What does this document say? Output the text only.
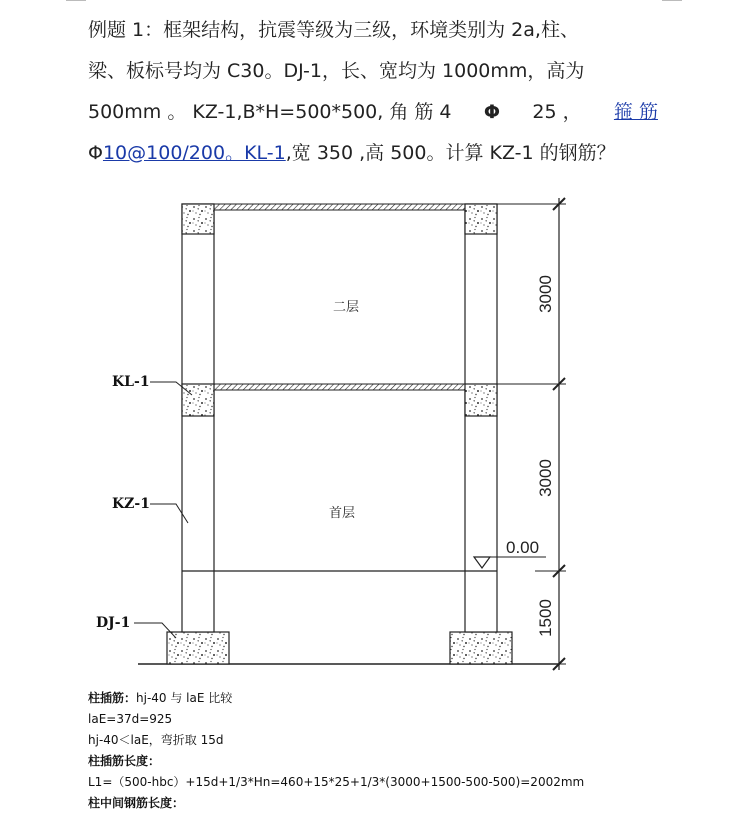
例题 1：框架结构，抗震等级为三级，环境类别为 2a,柱、
梁、板标号均为 C30。DJ-1，长、宽均为 1000mm，高为
500mm 。 KZ-1,B*H=500*500, 角 筋 4 Φ 25 ， 箍 筋
Φ10@100/200。KL-1,宽 350 ,高 500。计算 KZ-1 的钢筋？
0.00
二层
首层
KL-1
KZ-1
DJ-1
3000
3000
1500
柱插筋：hj-40 与 laE 比较
laE=37d=925
hj-40＜laE，弯折取 15d
柱插筋长度：
L1=（500-hbc）+15d+1/3*Hn=460+15*25+1/3*(3000+1500-500-500)=2002mm
柱中间钢筋长度：
